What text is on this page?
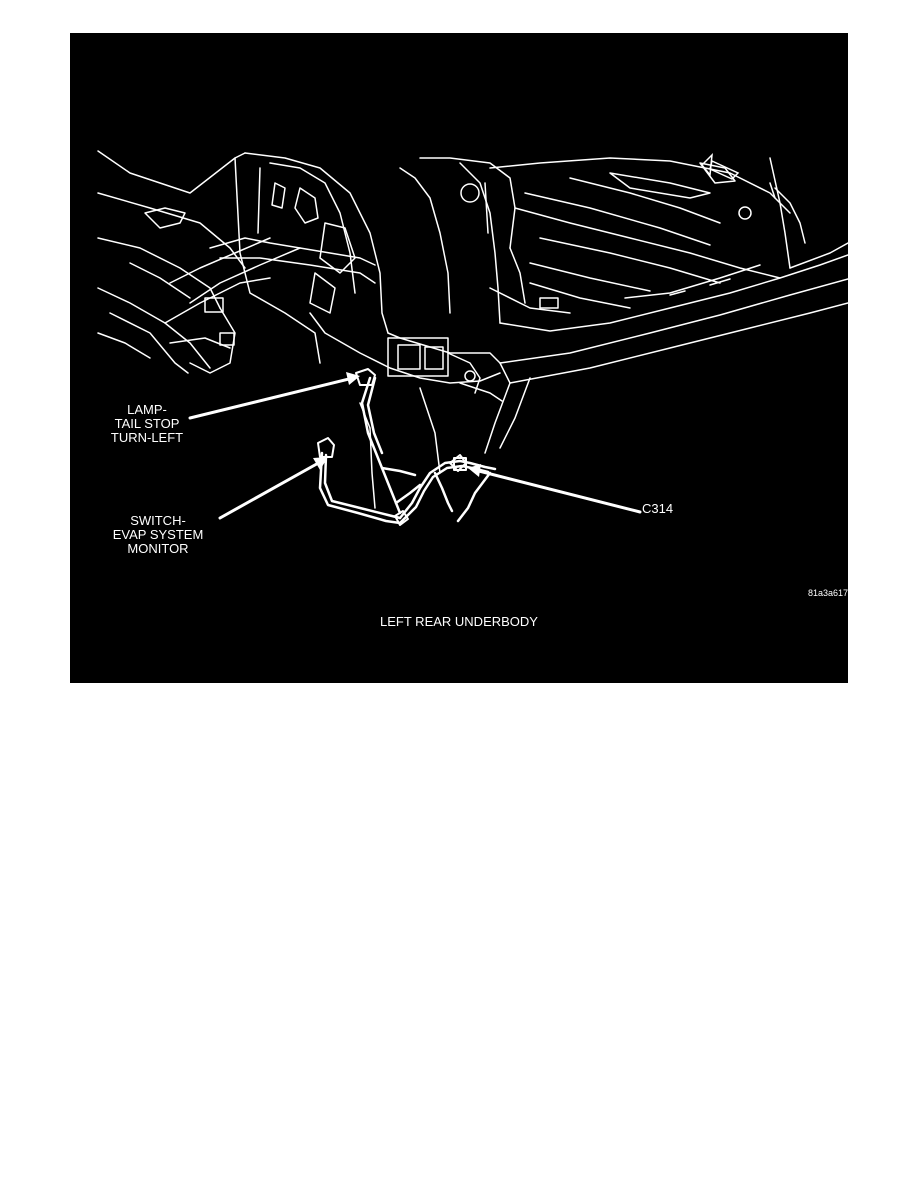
LAMP-
TAIL STOP
TURN-LEFT
SWITCH-
EVAP SYSTEM
MONITOR
C314
81a3a617
LEFT REAR UNDERBODY
